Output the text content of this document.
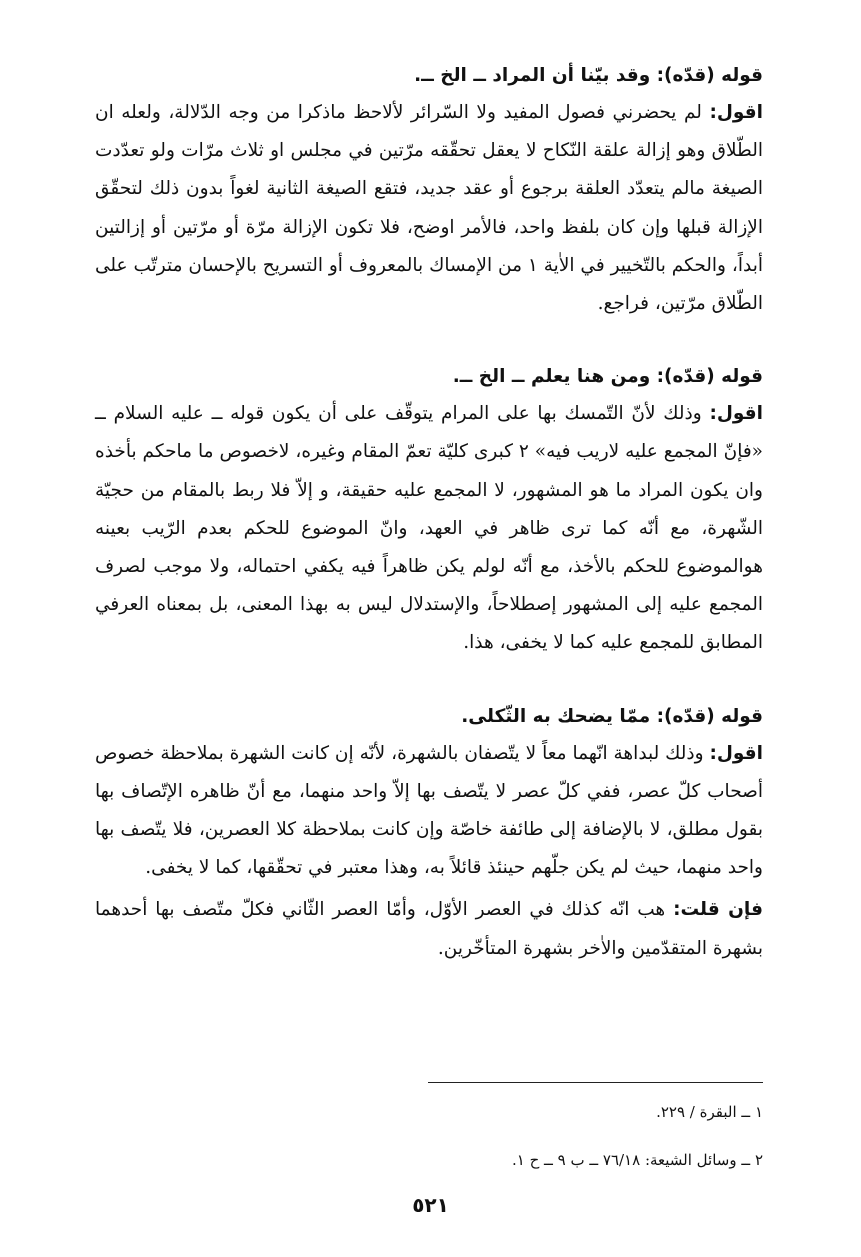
قوله (قدّه): وقد بيّنا أن المراد ــ الخ ــ.

اقول: لم يحضرني فصول المفيد ولا السّرائر لألاحظ ماذكرا من وجه الدّلالة، ولعله ان الطّلاق وهو إزالة علقة النّكاح لا يعقل تحقّقه مرّتين في مجلس او ثلاث مرّات ولو تعدّدت الصيغة مالم يتعدّد العلقة برجوع أو عقد جديد، فتقع الصيغة الثانية لغواً بدون ذلك لتحقّق الإزالة قبلها وإن كان بلفظ واحد، فالأمر اوضح، فلا تكون الإزالة مرّة أو مرّتين أو إزالتين أبداً، والحكم بالتّخيير في الاٰية ١ من الإمساك بالمعروف أو التسريح بالإحسان مترتّب على الطّلاق مرّتين، فراجع.

قوله (قدّه): ومن هنا يعلم ــ الخ ــ.

اقول: وذلك لأنّ التّمسك بها على المرام يتوقّف على أن يكون قوله ــ عليه السلام ــ «فإنّ المجمع عليه لاريب فيه» ٢ كبرى كليّة تعمّ المقام وغيره، لاخصوص ما ماحكم بأخذه وان يكون المراد ما هو المشهور، لا المجمع عليه حقيقة، و إلاّ فلا ربط بالمقام من حجيّة الشّهرة، مع أنّه كما ترى ظاهر في العهد، وانّ الموضوع للحكم بعدم الرّيب بعينه هوالموضوع للحكم بالأخذ، مع أنّه لولم يكن ظاهراً فيه يكفي احتماله، ولا موجب لصرف المجمع عليه إلى المشهور إصطلاحاً، والإستدلال ليس به بهذا المعنى، بل بمعناه العرفي المطابق للمجمع عليه كما لا يخفى، هذا.

قوله (قدّه): ممّا يضحك به الثّكلى.

اقول: وذلك لبداهة انّهما معاً لا يتّصفان بالشهرة، لأنّه إن كانت الشهرة بملاحظة خصوص أصحاب كلّ عصر، ففي كلّ عصر لا يتّصف بها إلاّ واحد منهما، مع أنّ ظاهره الإتّصاف بها بقول مطلق، لا بالإضافة إلى طائفة خاصّة وإن كانت بملاحظة كلا العصرين، فلا يتّصف بها واحد منهما، حيث لم يكن جلّهم حينئذ قائلاً به، وهذا معتبر في تحقّقها، كما لا يخفى.

فإن قلت: هب انّه كذلك في العصر الأوّل، وأمّا العصر الثّاني فكلّ متّصف بها أحدهما بشهرة المتقدّمين والاٰخر بشهرة المتأخّرين.

١ ــ البقرة / ٢٢٩.

٢ ــ وسائل الشيعة: ٧٦/١٨ ــ ب ٩ ــ ح ١.

٥٢١
